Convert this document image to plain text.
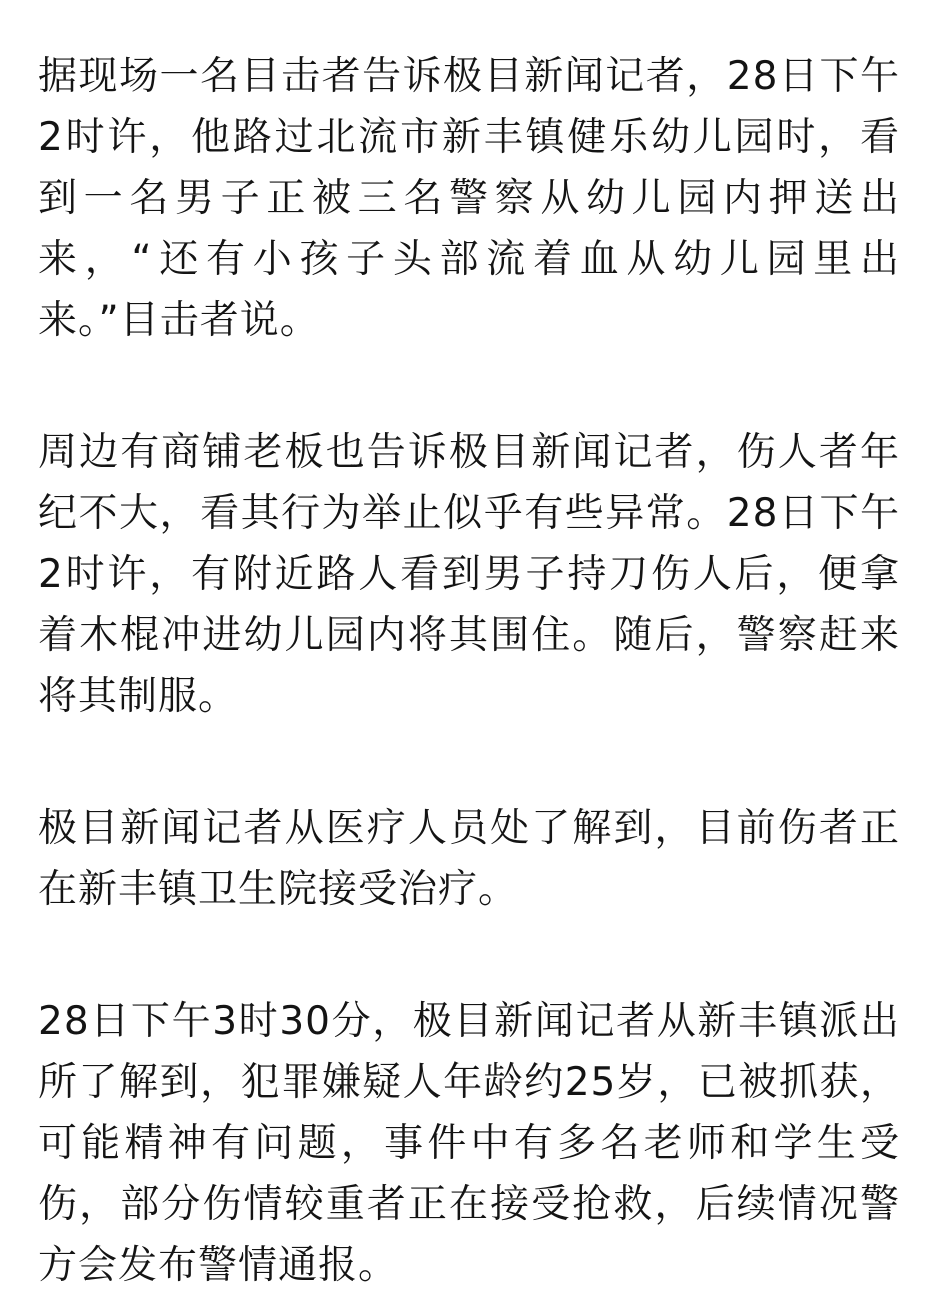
据现场一名目击者告诉极目新闻记者，28日下午2时许，他路过北流市新丰镇健乐幼儿园时，看到一名男子正被三名警察从幼儿园内押送出来，“还有小孩子头部流着血从幼儿园里出来。”目击者说。

周边有商铺老板也告诉极目新闻记者，伤人者年纪不大，看其行为举止似乎有些异常。28日下午2时许，有附近路人看到男子持刀伤人后，便拿着木棍冲进幼儿园内将其围住。随后，警察赶来将其制服。

极目新闻记者从医疗人员处了解到，目前伤者正在新丰镇卫生院接受治疗。

28日下午3时30分，极目新闻记者从新丰镇派出所了解到，犯罪嫌疑人年龄约25岁，已被抓获，可能精神有问题，事件中有多名老师和学生受伤，部分伤情较重者正在接受抢救，后续情况警方会发布警情通报。
